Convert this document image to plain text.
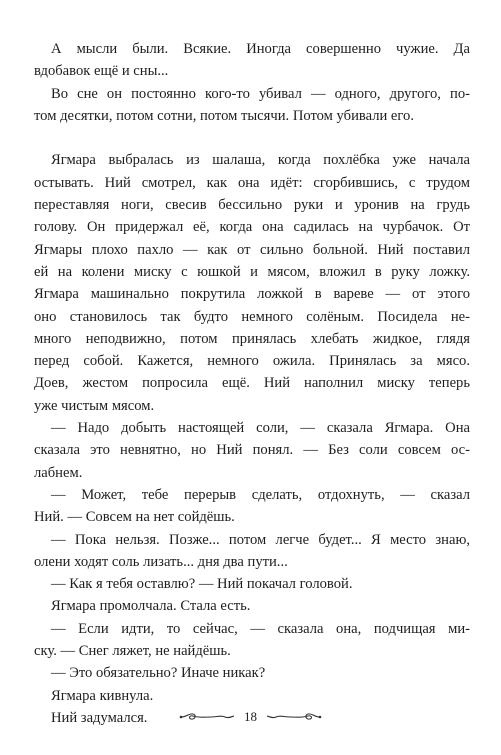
А мысли были. Всякие. Иногда совершенно чужие. Да
вдобавок ещё и сны...
Во сне он постоянно кого-то убивал — одного, другого, по-
том десятки, потом сотни, потом тысячи. Потом убивали его.
Ягмара выбралась из шалаша, когда похлёбка уже начала
остывать. Ний смотрел, как она идёт: сгорбившись, с трудом
переставляя ноги, свесив бессильно руки и уронив на грудь
голову. Он придержал её, когда она садилась на чурбачок. От
Ягмары плохо пахло — как от сильно больной. Ний поставил
ей на колени миску с юшкой и мясом, вложил в руку ложку.
Ягмара машинально покрутила ложкой в вареве — от этого
оно становилось так будто немного солёным. Посидела не-
много неподвижно, потом принялась хлебать жидкое, глядя
перед собой. Кажется, немного ожила. Принялась за мясо.
Доев, жестом попросила ещё. Ний наполнил миску теперь
уже чистым мясом.
— Надо добыть настоящей соли, — сказала Ягмара. Она
сказала это невнятно, но Ний понял. — Без соли совсем ос-
лабнем.
— Может, тебе перерыв сделать, отдохнуть, — сказал
Ний. — Совсем на нет сойдёшь.
— Пока нельзя. Позже... потом легче будет... Я место знаю,
олени ходят соль лизать... дня два пути...
— Как я тебя оставлю? — Ний покачал головой.
Ягмара промолчала. Стала есть.
— Если идти, то сейчас, — сказала она, подчищая ми-
ску. — Снег ляжет, не найдёшь.
— Это обязательно? Иначе никак?
Ягмара кивнула.
Ний задумался.	18
